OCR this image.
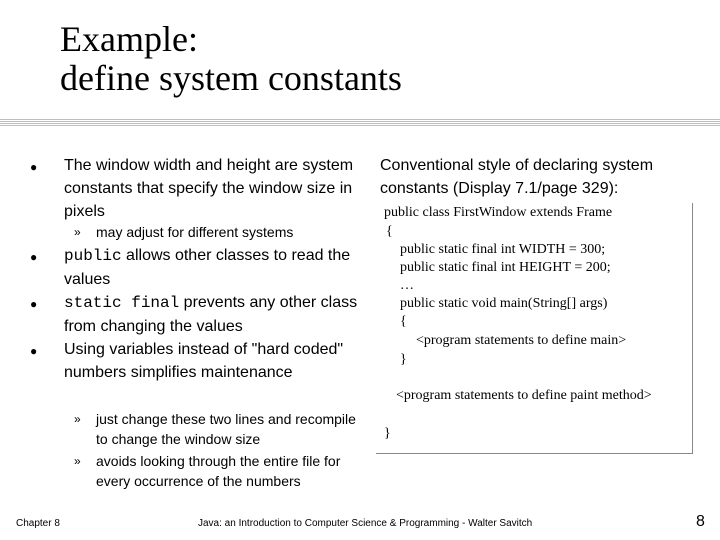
Example:
define system constants
● The window width and height are system constants that specify the window size in pixels
» may adjust for different systems
● public allows other classes to read the values
● static final prevents any other class from changing the values
● Using variables instead of "hard coded" numbers simplifies maintenance
» just change these two lines and recompile to change the window size
» avoids looking through the entire file for every occurrence of the numbers
Conventional style of declaring system constants (Display 7.1/page 329):
public class FirstWindow extends Frame
{
public static final int WIDTH = 300;
public static final int HEIGHT = 200;
…
public static void main(String[] args)
{
<program statements to define main>
}
<program statements to define paint method>
}
Chapter 8	Java: an Introduction to Computer Science & Programming - Walter Savitch	8
